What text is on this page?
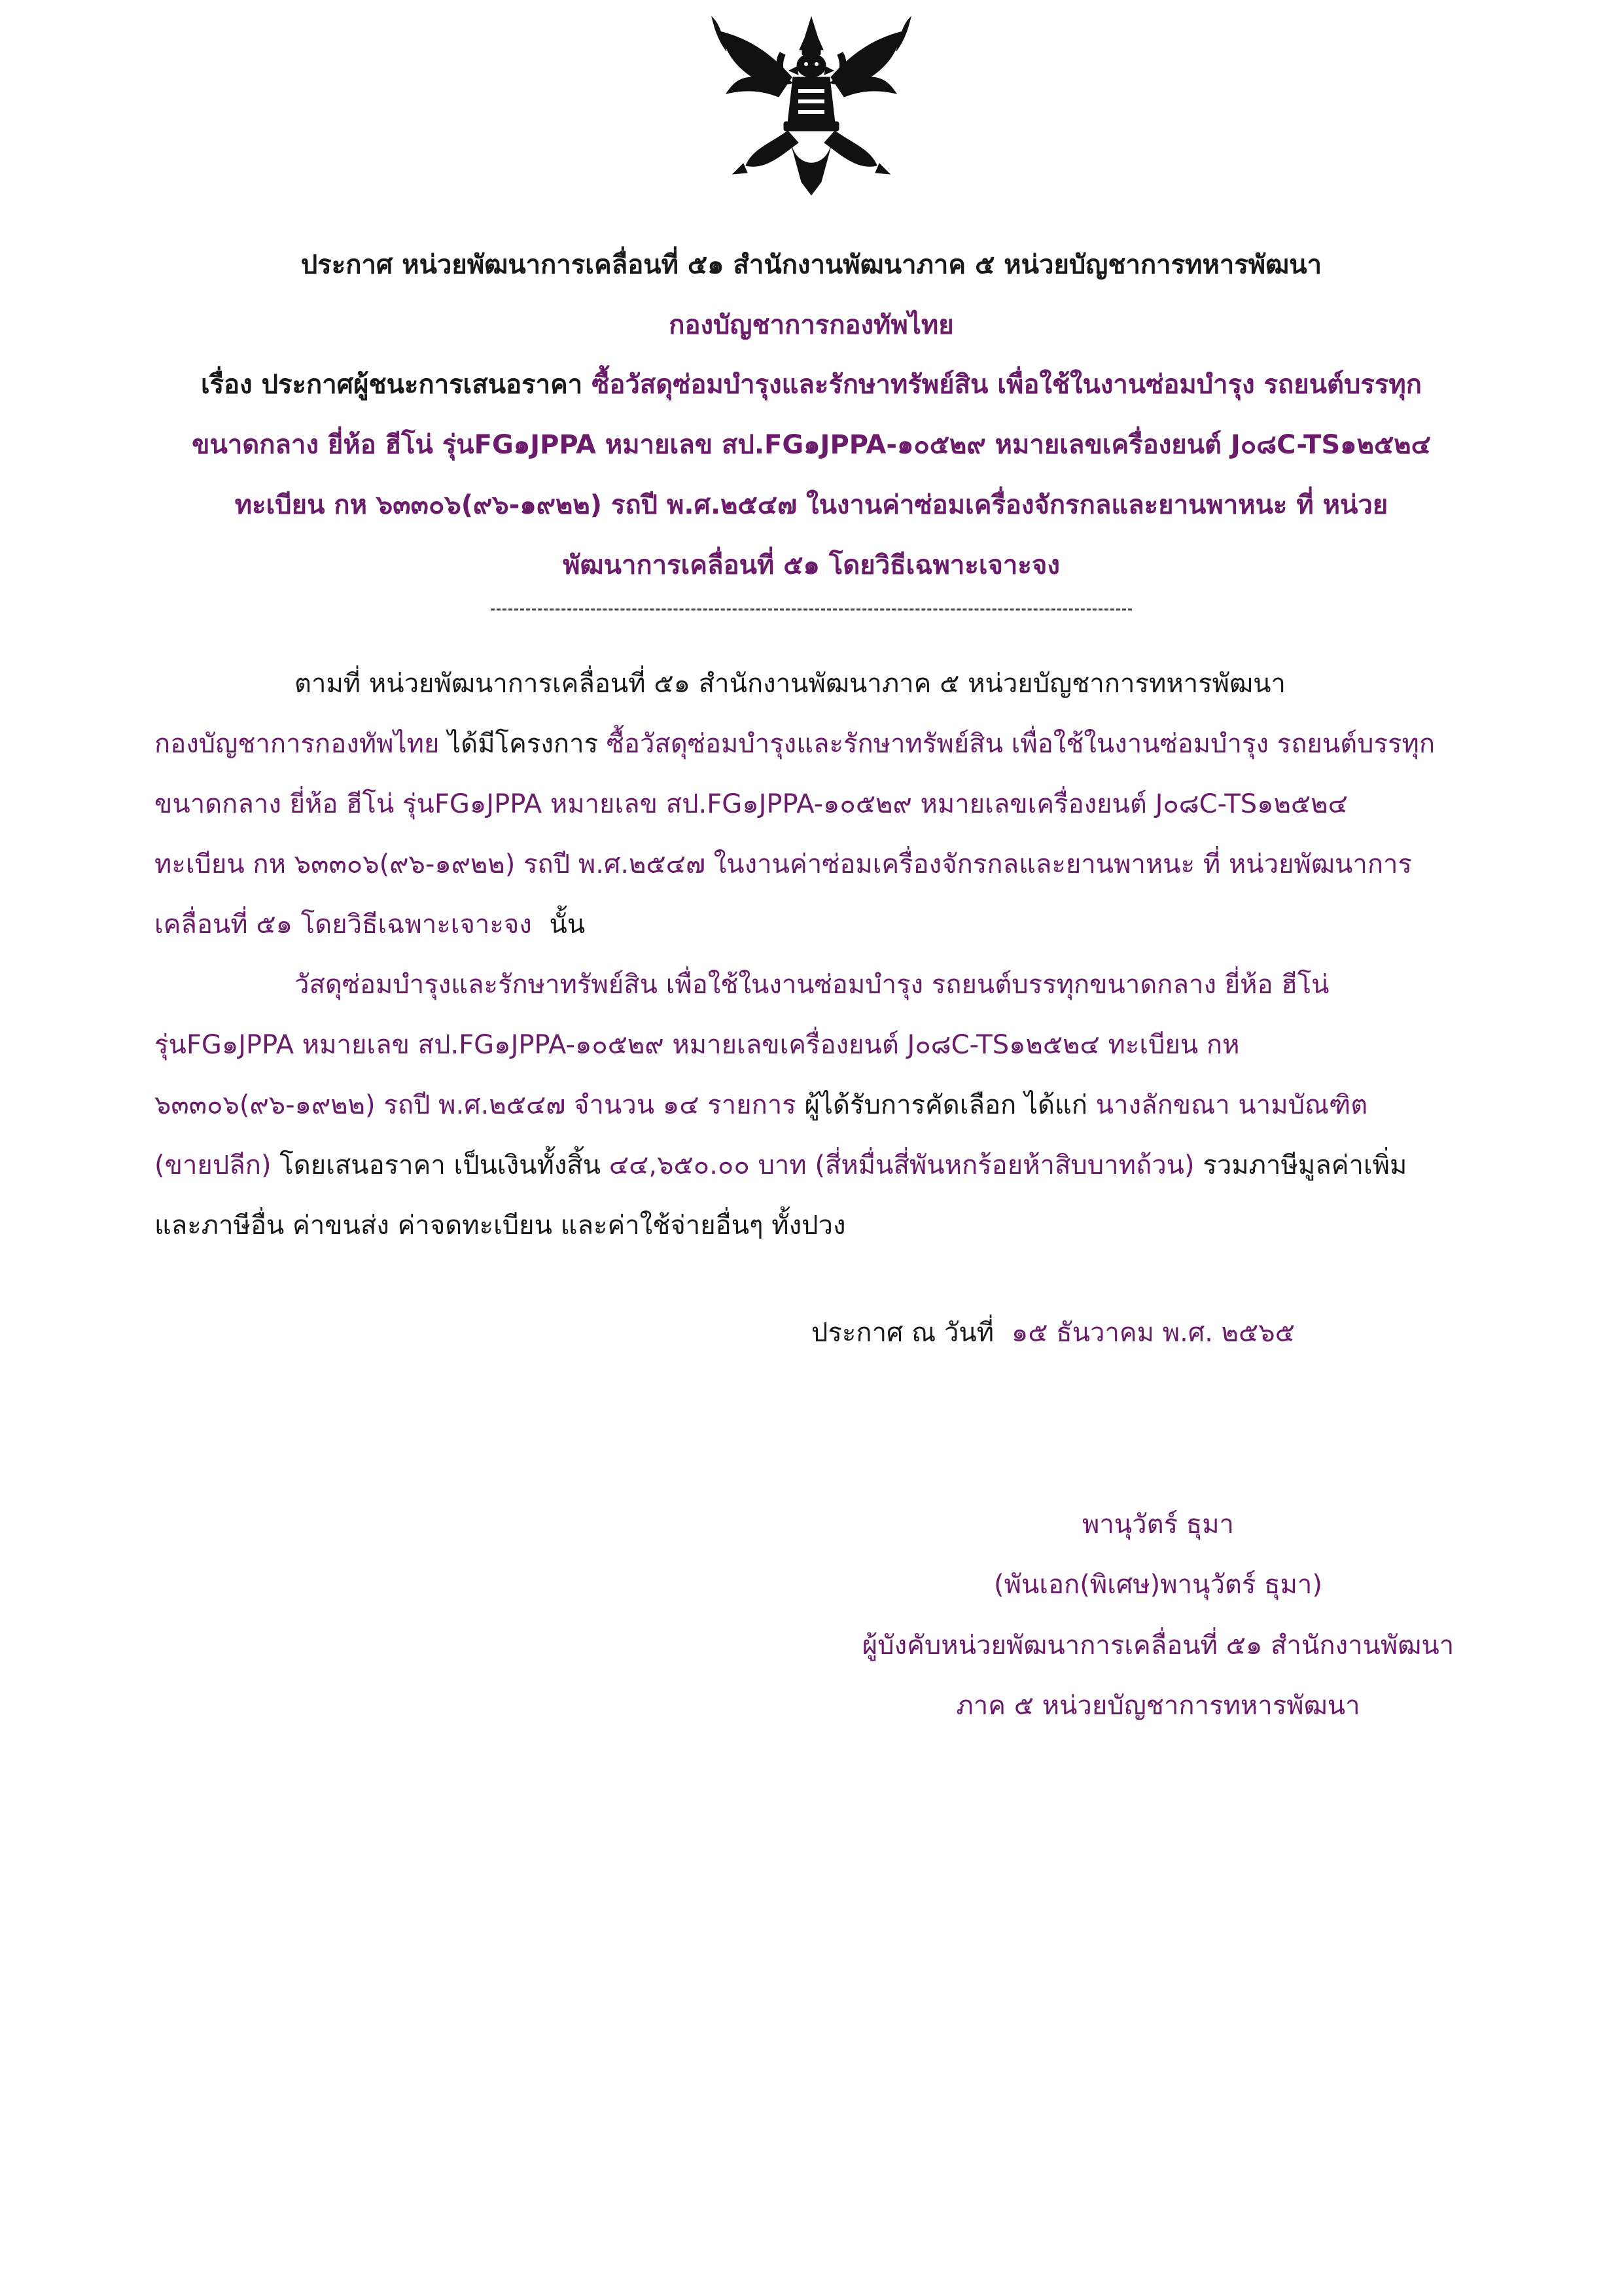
ประกาศ หน่วยพัฒนาการเคลื่อนที่ ๕๑ สำนักงานพัฒนาภาค ๕ หน่วยบัญชาการทหารพัฒนา
กองบัญชาการกองทัพไทย
เรื่อง ประกาศผู้ชนะการเสนอราคา ซื้อวัสดุซ่อมบำรุงและรักษาทรัพย์สิน เพื่อใช้ในงานซ่อมบำรุง รถยนต์บรรทุก
ขนาดกลาง ยี่ห้อ ฮีโน่ รุ่นFG๑JPPA หมายเลข สป.FG๑JPPA-๑๐๕๒๙ หมายเลขเครื่องยนต์ J๐๘C-TS๑๒๕๒๔
ทะเบียน กห ๖๓๓๐๖(๙๖-๑๙๒๒) รถปี พ.ศ.๒๕๔๗ ในงานค่าซ่อมเครื่องจักรกลและยานพาหนะ ที่ หน่วย
พัฒนาการเคลื่อนที่ ๕๑ โดยวิธีเฉพาะเจาะจง
ตามที่ หน่วยพัฒนาการเคลื่อนที่ ๕๑ สำนักงานพัฒนาภาค ๕ หน่วยบัญชาการทหารพัฒนา
กองบัญชาการกองทัพไทย ได้มีโครงการ ซื้อวัสดุซ่อมบำรุงและรักษาทรัพย์สิน เพื่อใช้ในงานซ่อมบำรุง รถยนต์บรรทุก
ขนาดกลาง ยี่ห้อ ฮีโน่ รุ่นFG๑JPPA หมายเลข สป.FG๑JPPA-๑๐๕๒๙ หมายเลขเครื่องยนต์ J๐๘C-TS๑๒๕๒๔
ทะเบียน กห ๖๓๓๐๖(๙๖-๑๙๒๒) รถปี พ.ศ.๒๕๔๗ ในงานค่าซ่อมเครื่องจักรกลและยานพาหนะ ที่ หน่วยพัฒนาการ
เคลื่อนที่ ๕๑ โดยวิธีเฉพาะเจาะจง นั้น
วัสดุซ่อมบำรุงและรักษาทรัพย์สิน เพื่อใช้ในงานซ่อมบำรุง รถยนต์บรรทุกขนาดกลาง ยี่ห้อ ฮีโน่
รุ่นFG๑JPPA หมายเลข สป.FG๑JPPA-๑๐๕๒๙ หมายเลขเครื่องยนต์ J๐๘C-TS๑๒๕๒๔ ทะเบียน กห
๖๓๓๐๖(๙๖-๑๙๒๒) รถปี พ.ศ.๒๕๔๗ จำนวน ๑๔ รายการ ผู้ได้รับการคัดเลือก ได้แก่ นางลักขณา นามบัณฑิต
(ขายปลีก) โดยเสนอราคา เป็นเงินทั้งสิ้น ๔๔,๖๕๐.๐๐ บาท (สี่หมื่นสี่พันหกร้อยห้าสิบบาทถ้วน) รวมภาษีมูลค่าเพิ่ม
และภาษีอื่น ค่าขนส่ง ค่าจดทะเบียน และค่าใช้จ่ายอื่นๆ ทั้งปวง
ประกาศ ณ วันที่ ๑๕ ธันวาคม พ.ศ. ๒๕๖๕
พานุวัตร์ ธุมา
(พันเอก(พิเศษ)พานุวัตร์ ธุมา)
ผู้บังคับหน่วยพัฒนาการเคลื่อนที่ ๕๑ สำนักงานพัฒนา
ภาค ๕ หน่วยบัญชาการทหารพัฒนา
